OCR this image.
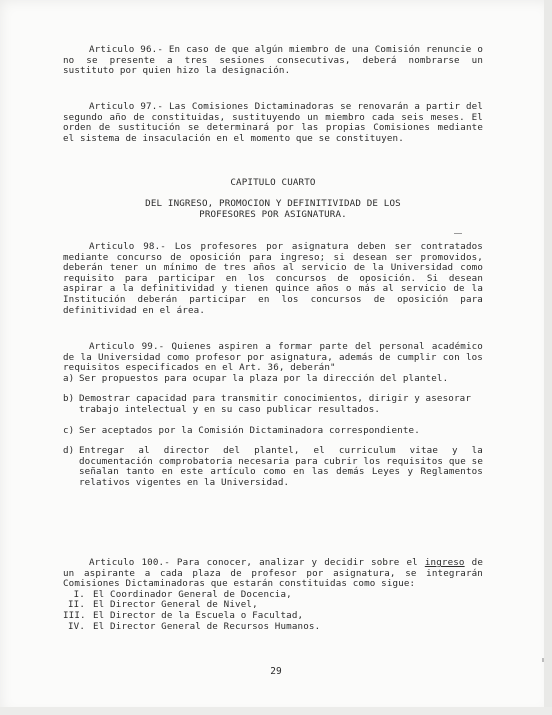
Articulo 96.- En caso de que algún miembro de una Comisión renuncie o no se presente a tres sesiones consecutivas, deberá nombrarse un sustituto por quien hizo la designación.

Articulo 97.- Las Comisiones Dictaminadoras se renovarán a partir del segundo año de constituidas, sustituyendo un miembro cada seis meses. El orden de sustitución se determinará por las propias Comisiones mediante el sistema de insaculación en el momento que se constituyen.

CAPITULO CUARTO

DEL INGRESO, PROMOCION Y DEFINITIVIDAD DE LOS

PROFESORES POR ASIGNATURA.

Articulo 98.- Los profesores por asignatura deben ser contratados mediante concurso de oposición para ingreso; si desean ser promovidos, deberán tener un mínimo de tres años al servicio de la Universidad como requisito para participar en los concursos de oposición. Si desean aspirar a la definitividad y tienen quince años o más al servicio de la Institución deberán participar en los concursos de oposición para definitividad en el área.

Articulo 99.- Quienes aspiren a formar parte del personal académico de la Universidad como profesor por asignatura, además de cumplir con los requisitos especificados en el Art. 36, deberán"

a) Ser propuestos para ocupar la plaza por la dirección del plantel.
b) Demostrar capacidad para transmitir conocimientos, dirigir y asesorar trabajo intelectual y en su caso publicar resultados.
c) Ser aceptados por la Comisión Dictaminadora correspondiente.
d) Entregar al director del plantel, el curriculum vitae y la documentación comprobatoria necesaria para cubrir los requisitos que se señalan tanto en este artículo como en las demás Leyes y Reglamentos relativos vigentes en la Universidad.

Articulo 100.- Para conocer, analizar y decidir sobre el ingreso de un aspirante a cada plaza de profesor por asignatura, se integrarán Comisiones Dictaminadoras que estarán constituidas como sigue:

I. El Coordinador General de Docencia,
II. El Director General de Nivel,
III. El Director de la Escuela o Facultad,
IV. El Director General de Recursos Humanos.
29
